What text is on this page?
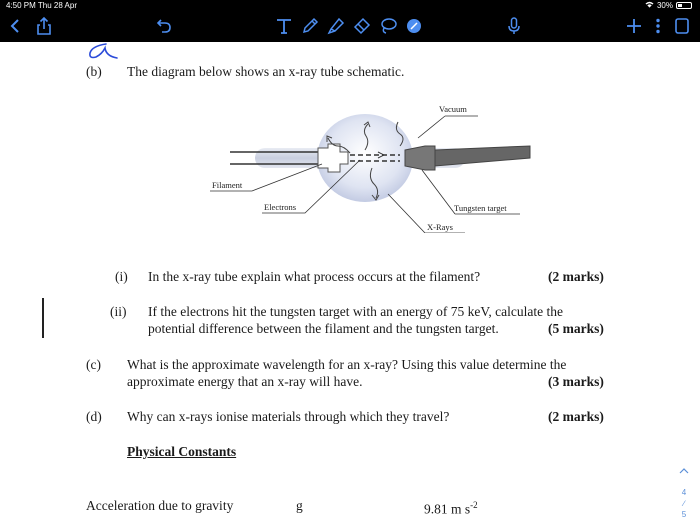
4:50 PM Thu 28 Apr	30%
(b) The diagram below shows an x-ray tube schematic.
Vacuum
Filament
Electrons	Tungsten target
X-Rays
(i) In the x-ray tube explain what process occurs at the filament?	(2 marks)
(ii) If the electrons hit the tungsten target with an energy of 75 keV, calculate the
potential difference between the filament and the tungsten target.	(5 marks)
(c) What is the approximate wavelength for an x-ray? Using this value determine the
approximate energy that an x-ray will have.	(3 marks)
(d) Why can x-rays ionise materials through which they travel?	(2 marks)
Physical Constants
Acceleration due to gravity	g	9.81 m $s^{-2}$
4
∕
5
